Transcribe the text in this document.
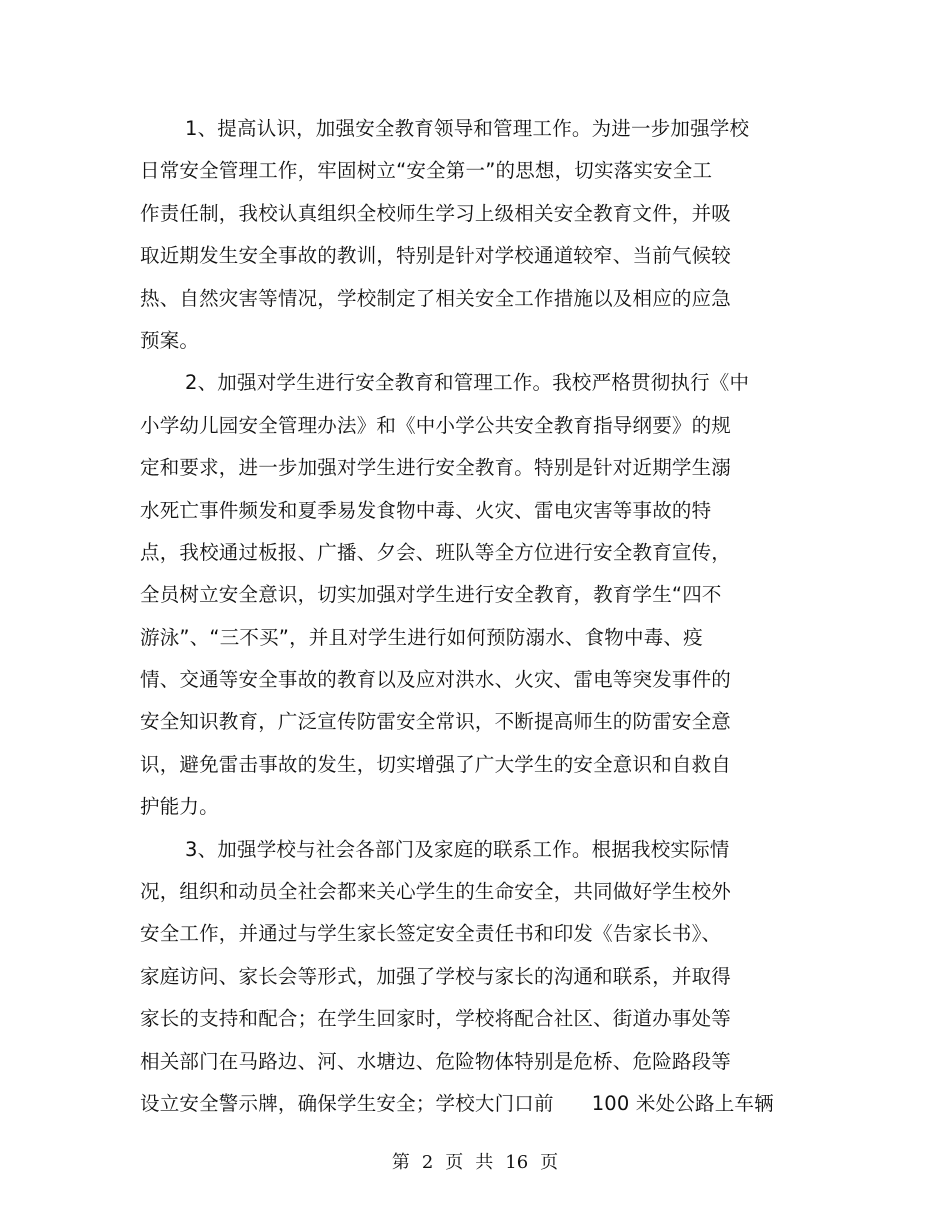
1、提高认识，加强安全教育领导和管理工作。为进一步加强学校
日常安全管理工作，牢固树立“安全第一”的思想，切实落实安全工
作责任制，我校认真组织全校师生学习上级相关安全教育文件，并吸
取近期发生安全事故的教训，特别是针对学校通道较窄、当前气候较
热、自然灾害等情况，学校制定了相关安全工作措施以及相应的应急
预案。
2、加强对学生进行安全教育和管理工作。我校严格贯彻执行《中
小学幼儿园安全管理办法》和《中小学公共安全教育指导纲要》的规
定和要求，进一步加强对学生进行安全教育。特别是针对近期学生溺
水死亡事件频发和夏季易发食物中毒、火灾、雷电灾害等事故的特
点，我校通过板报、广播、夕会、班队等全方位进行安全教育宣传，
全员树立安全意识，切实加强对学生进行安全教育，教育学生“四不
游泳”、“三不买”，并且对学生进行如何预防溺水、食物中毒、疫
情、交通等安全事故的教育以及应对洪水、火灾、雷电等突发事件的
安全知识教育，广泛宣传防雷安全常识，不断提高师生的防雷安全意
识，避免雷击事故的发生，切实增强了广大学生的安全意识和自救自
护能力。
3、加强学校与社会各部门及家庭的联系工作。根据我校实际情
况，组织和动员全社会都来关心学生的生命安全，共同做好学生校外
安全工作，并通过与学生家长签定安全责任书和印发《告家长书》、
家庭访问、家长会等形式，加强了学校与家长的沟通和联系，并取得
家长的支持和配合；在学生回家时，学校将配合社区、街道办事处等
相关部门在马路边、河、水塘边、危险物体特别是危桥、危险路段等
设立安全警示牌，确保学生安全；学校大门口前 100 米处公路上车辆
第 2 页 共 16 页
